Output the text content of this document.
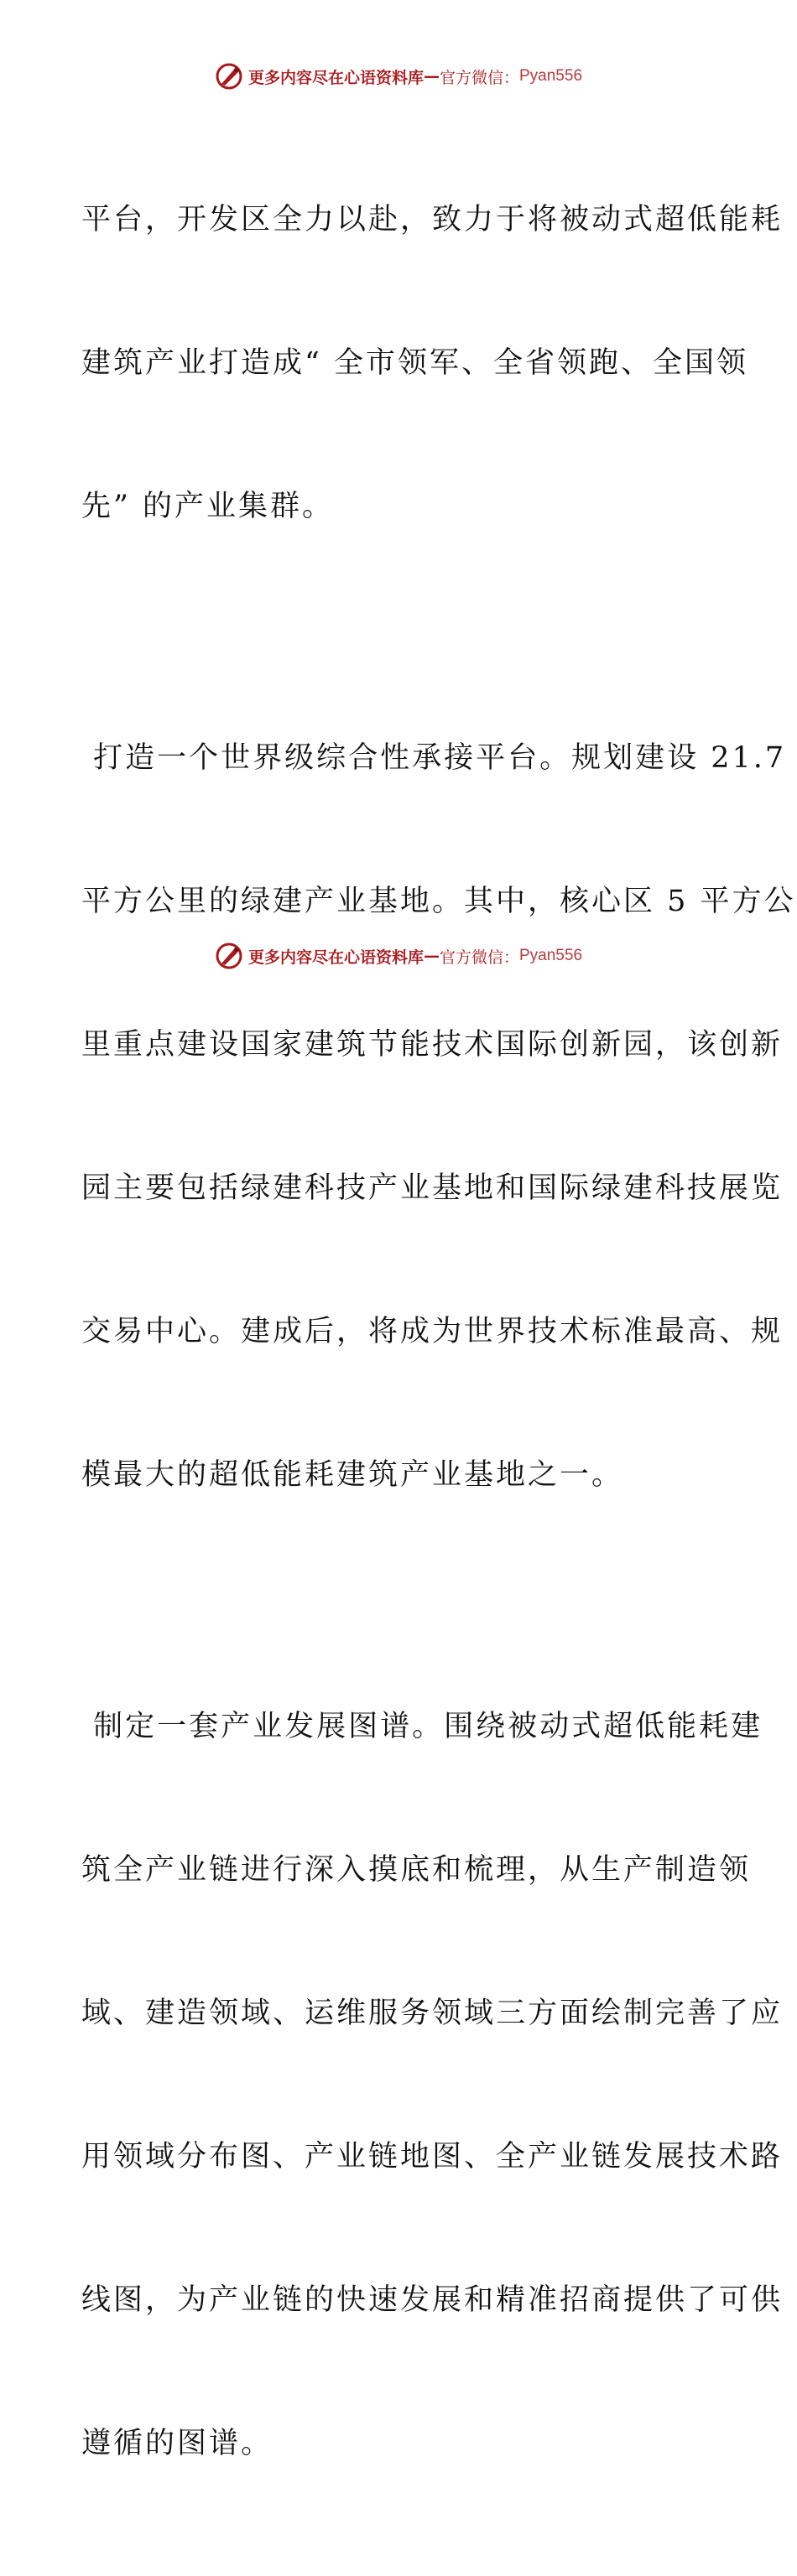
更多内容尽在心语资料库 — 官方微信： Pyan556

平台，开发区全力以赴，致力于将被动式超低能耗

建筑产业打造成“ 全市领军、全省领跑、全国领

先” 的产业集群。

打造一个世界级综合性承接平台。规划建设 21.7

平方公里的绿建产业基地。其中，核心区 5 平方公

里重点建设国家建筑节能技术国际创新园，该创新

园主要包括绿建科技产业基地和国际绿建科技展览

交易中心。建成后，将成为世界技术标准最高、规

模最大的超低能耗建筑产业基地之一。

制定一套产业发展图谱。围绕被动式超低能耗建

筑全产业链进行深入摸底和梳理，从生产制造领

域、建造领域、运维服务领域三方面绘制完善了应

用领域分布图、产业链地图、全产业链发展技术路

线图，为产业链的快速发展和精准招商提供了可供

遵循的图谱。

更多内容尽在心语资料库 — 官方微信： Pyan556
